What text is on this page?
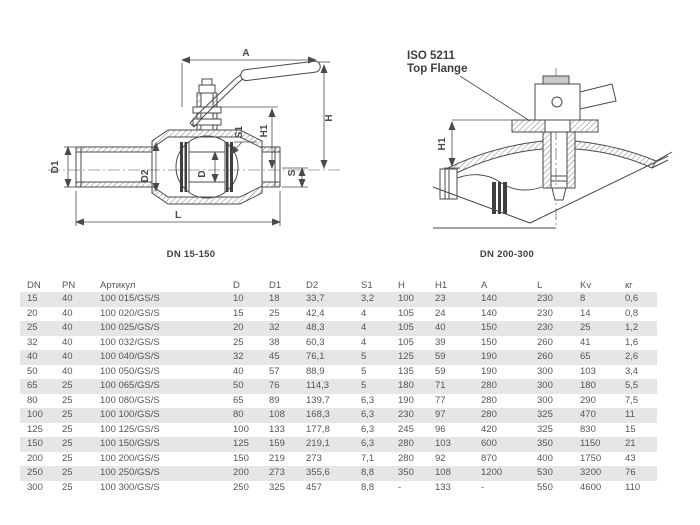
A
H
H1
S1
D1
D2	D	S
L
H1
ISO 5211
Top Flange
DN 15-150	DN 200-300
DN	PN	Артикул	D	D1	D2	S1	H	H1	A	L	Kv	кг
15	40	100 015/GS/S	10	18	33,7	3,2	100	23	140	230	8	0,6
20	40	100 020/GS/S	15	25	42,4	4	105	24	140	230	14	0,8
25	40	100 025/GS/S	20	32	48,3	4	105	40	150	230	25	1,2
32	40	100 032/GS/S	25	38	60,3	4	105	39	150	260	41	1,6
40	40	100 040/GS/S	32	45	76,1	5	125	59	190	260	65	2,6
50	40	100 050/GS/S	40	57	88,9	5	135	59	190	300	103	3,4
65	25	100 065/GS/S	50	76	114,3	5	180	71	280	300	180	5,5
80	25	100 080/GS/S	65	89	139,7	6,3	190	77	280	300	290	7,5
100	25	100 100/GS/S	80	108	168,3	6,3	230	97	280	325	470	11
125	25	100 125/GS/S	100	133	177,8	6,3	245	96	420	325	830	15
150	25	100 150/GS/S	125	159	219,1	6,3	280	103	600	350	1150	21
200	25	100 200/GS/S	150	219	273	7,1	280	92	870	400	1750	43
250	25	100 250/GS/S	200	273	355,6	8,8	350	108	1200	530	3200	76
300	25	100 300/GS/S	250	325	457	8,8	-	133	-	550	4600	110
